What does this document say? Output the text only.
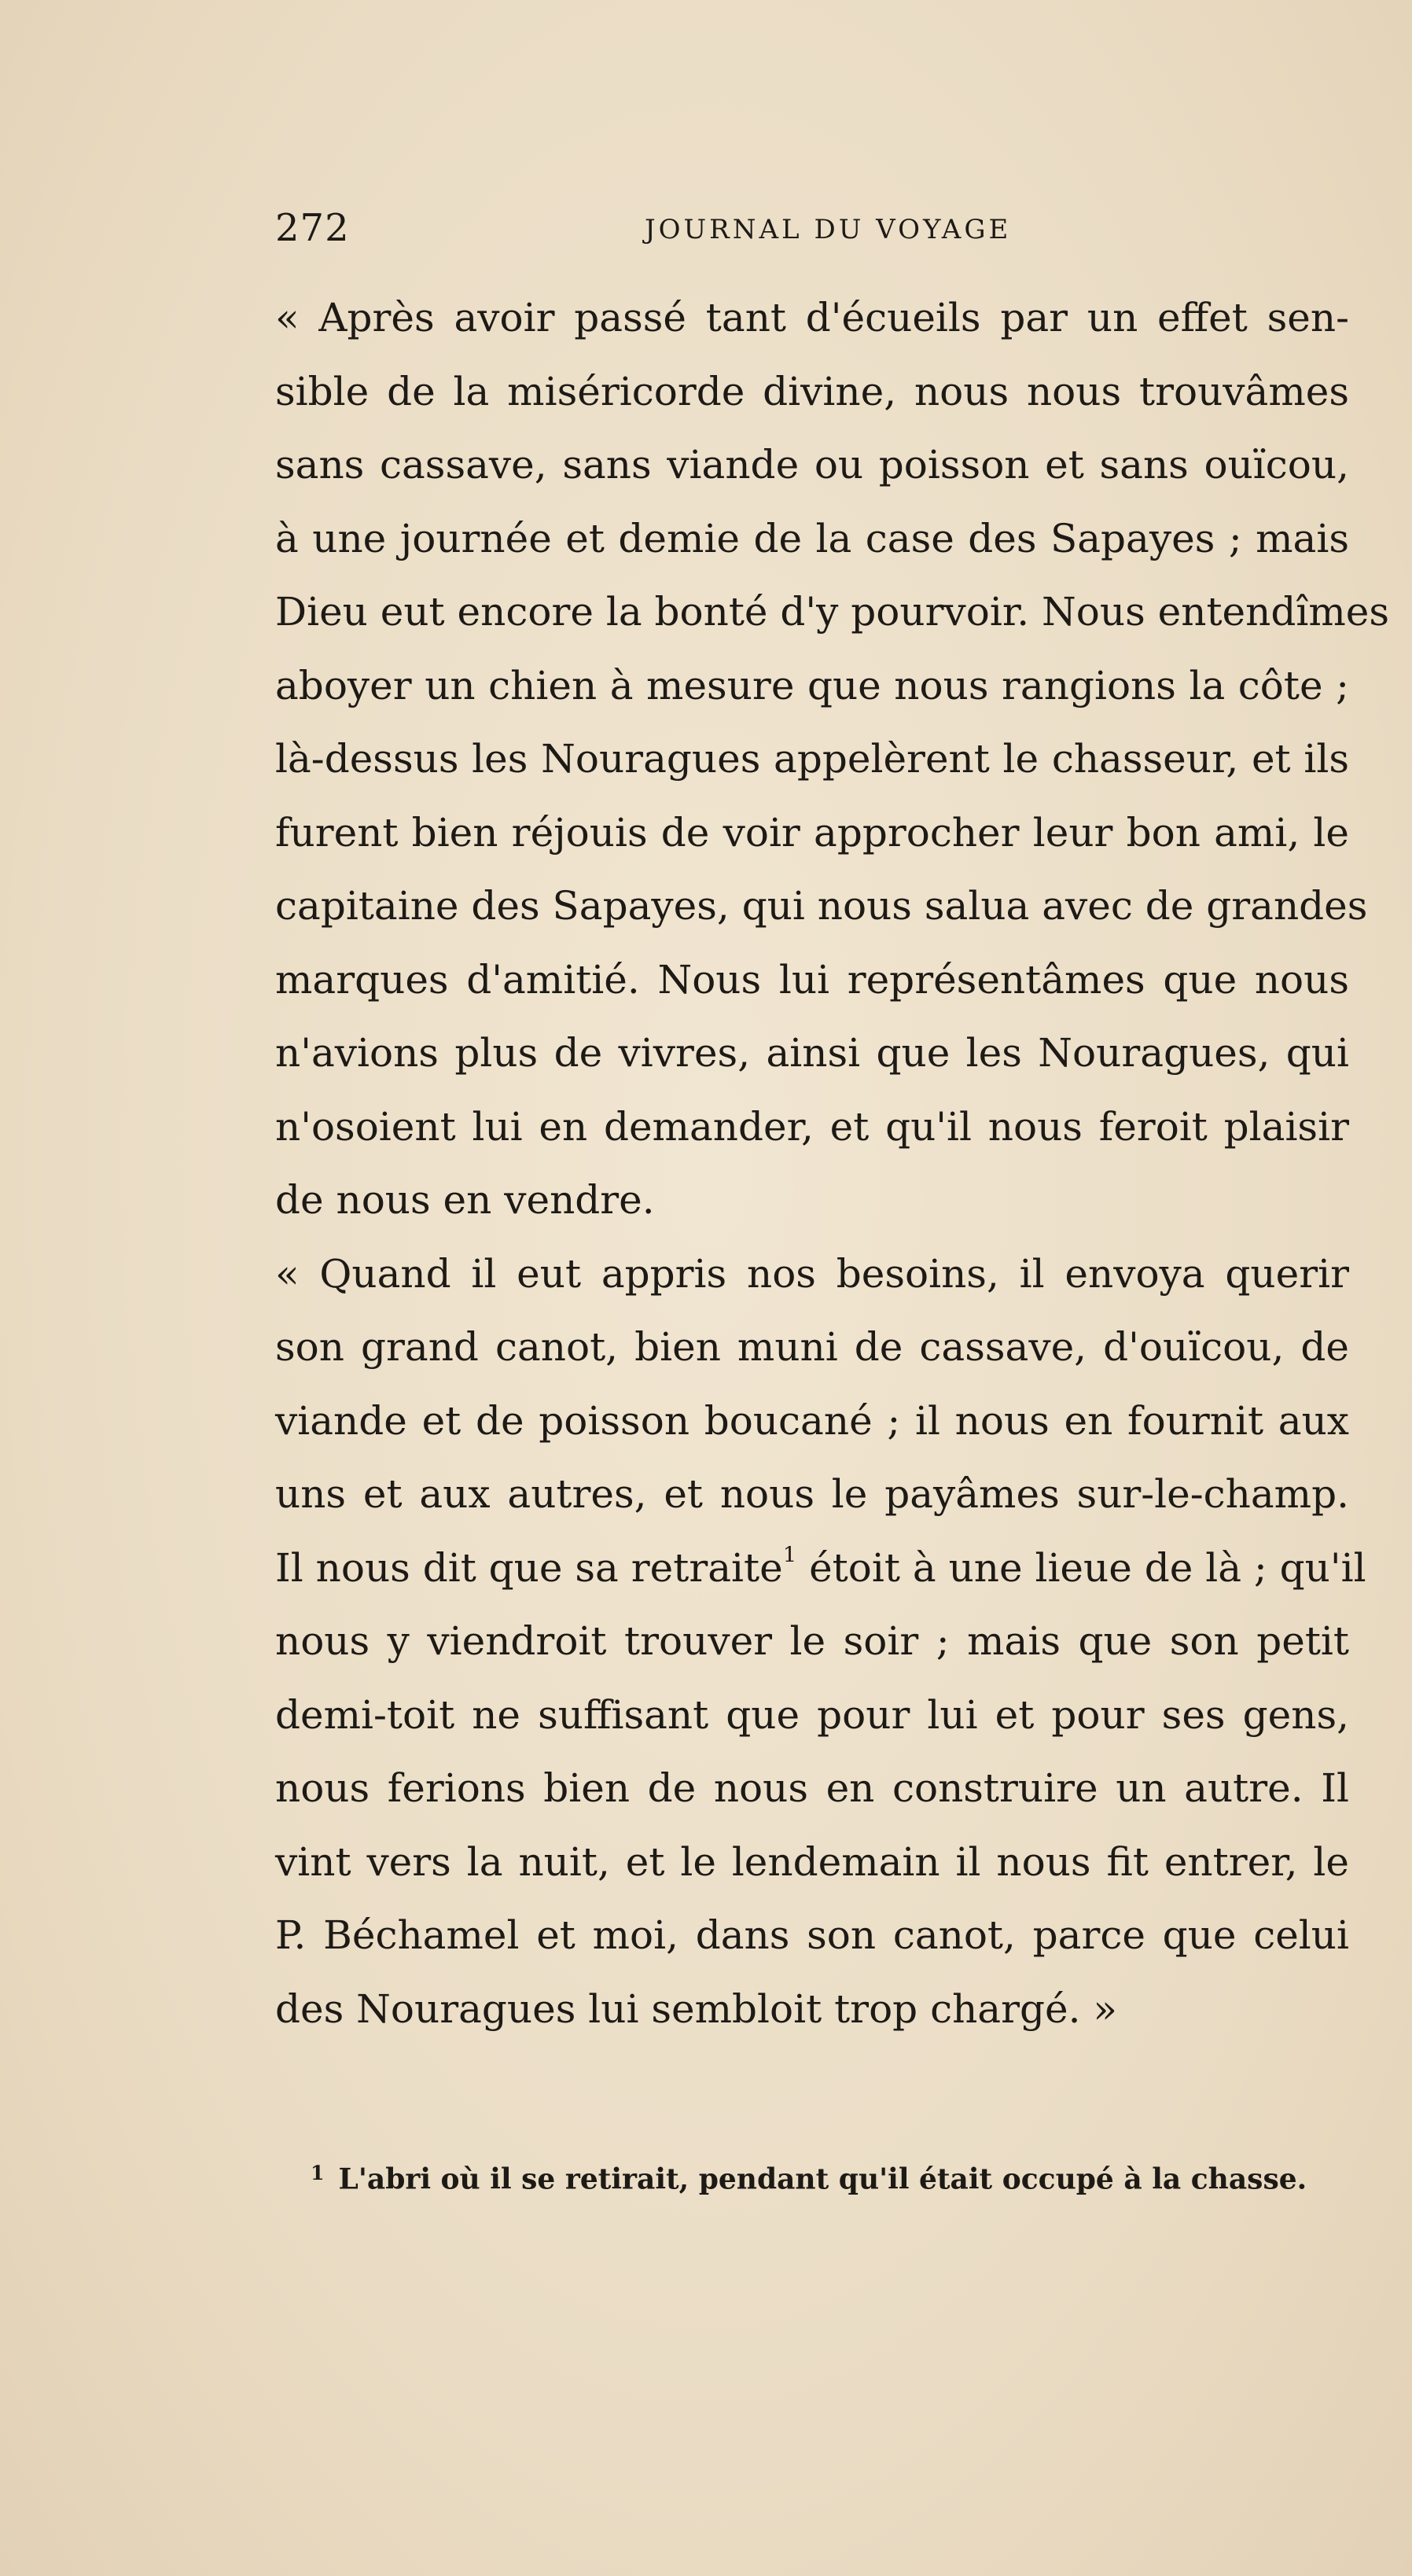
272	JOURNAL DU VOYAGE

« Après avoir passé tant d'écueils par un effet sen-
sible de la miséricorde divine, nous nous trouvâmes
sans cassave, sans viande ou poisson et sans ouïcou,
à une journée et demie de la case des Sapayes ; mais
Dieu eut encore la bonté d'y pourvoir. Nous entendîmes
aboyer un chien à mesure que nous rangions la côte ;
là-dessus les Nouragues appelèrent le chasseur, et ils
furent bien réjouis de voir approcher leur bon ami, le
capitaine des Sapayes, qui nous salua avec de grandes
marques d'amitié. Nous lui représentâmes que nous
n'avions plus de vivres, ainsi que les Nouragues, qui
n'osoient lui en demander, et qu'il nous feroit plaisir
de nous en vendre.

« Quand il eut appris nos besoins, il envoya querir
son grand canot, bien muni de cassave, d'ouïcou, de
viande et de poisson boucané ; il nous en fournit aux
uns et aux autres, et nous le payâmes sur-le-champ.
Il nous dit que sa retraite$^1$ étoit à une lieue de là ; qu'il
nous y viendroit trouver le soir ; mais que son petit
demi-toit ne suffisant que pour lui et pour ses gens,
nous ferions bien de nous en construire un autre. Il
vint vers la nuit, et le lendemain il nous fit entrer, le
P. Béchamel et moi, dans son canot, parce que celui
des Nouragues lui sembloit trop chargé. »

$^1$ L'abri où il se retirait, pendant qu'il était occupé à la chasse.
